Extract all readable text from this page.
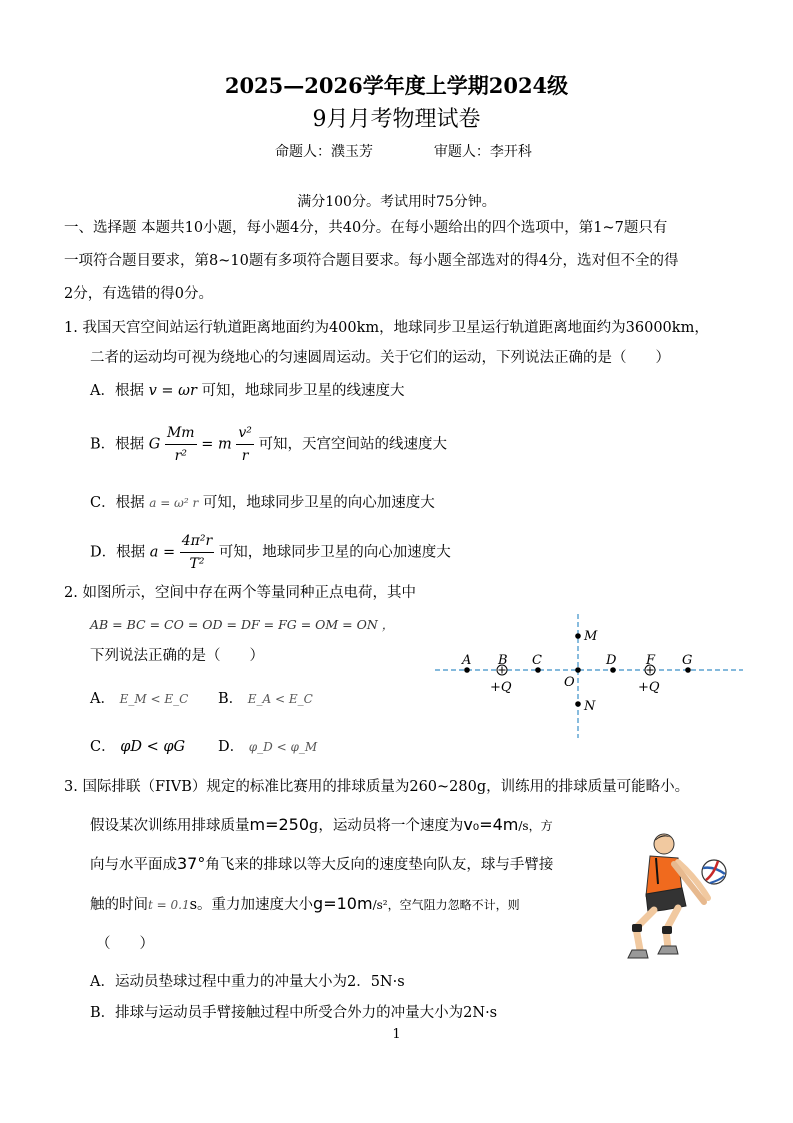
2025—2026学年度上学期2024级
9月月考物理试卷
命题人：濮玉芳	审题人：李开科
满分100分。考试用时75分钟。
一、选择题 本题共10小题，每小题4分，共40分。在每小题给出的四个选项中，第1~7题只有
一项符合题目要求，第8~10题有多项符合题目要求。每小题全部选对的得4分，选对但不全的得
2分，有选错的得0分。
1. 我国天宫空间站运行轨道距离地面约为400km，地球同步卫星运行轨道距离地面约为36000km，
二者的运动均可视为绕地心的匀速圆周运动。关于它们的运动，下列说法正确的是（　　）
A．根据 v = ωr 可知，地球同步卫星的线速度大
B．根据 G $\frac{Mm}{\text{r²}} = m \frac{\text{v²}}{r}$ 可知，天宫空间站的线速度大
C．根据 a = ω² r 可知，地球同步卫星的向心加速度大
D．根据 $a = \frac{\text{4π²r}}{\text{T²}}$ 可知，地球同步卫星的向心加速度大
2. 如图所示，空间中存在两个等量同种正点电荷，其中
AB = BC = CO = OD = DF = FG = OM = ON ，
下列说法正确的是（　　）
A． E_M < E_C B． E_A < E_C
C． φD < φG D． φ_D < φ_M
A B C
O
D F G
M
N
+Q	+Q
3. 国际排联（FIVB）规定的标准比赛用的排球质量为260~280g，训练用的排球质量可能略小。
假设某次训练用排球质量m=250g，运动员将一个速度为v₀=4m/s，方
向与水平面成37°角飞来的排球以等大反向的速度垫向队友，球与手臂接
触的时间t = 0.1s。重力加速度大小g=10m/s²，空气阻力忽略不计，则
（　　）
A．运动员垫球过程中重力的冲量大小为2．5N·s
B．排球与运动员手臂接触过程中所受合外力的冲量大小为2N·s
1
